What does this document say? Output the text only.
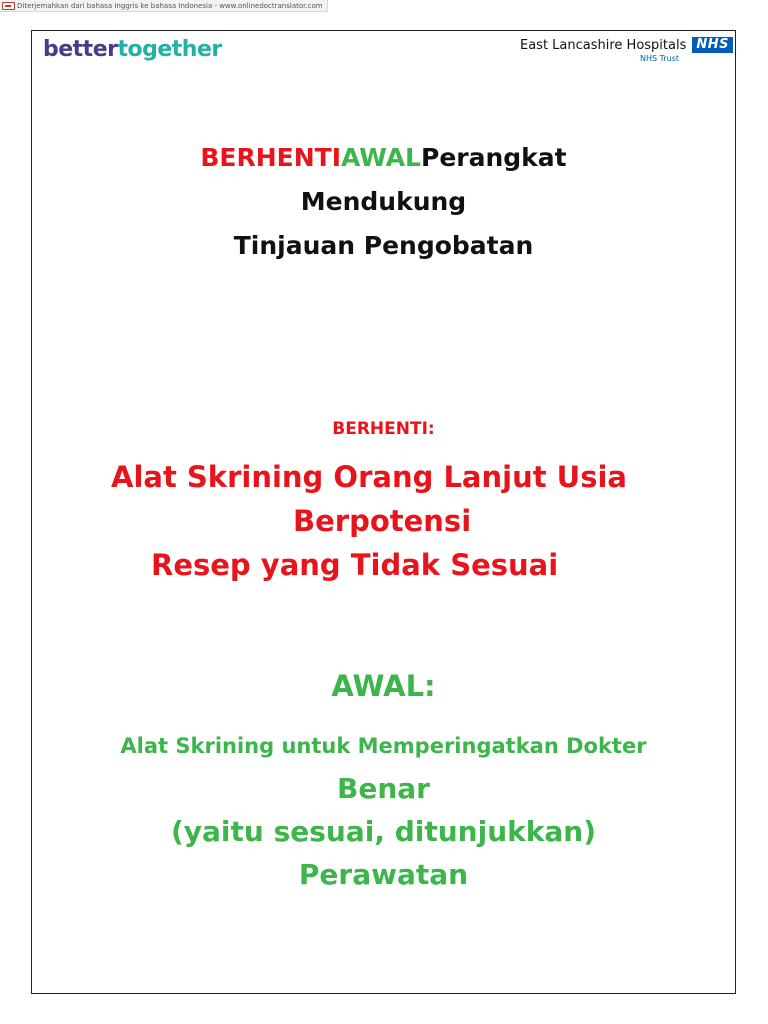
Diterjemahkan dari bahasa Inggris ke bahasa Indonesia - www.onlinedoctranslator.com
bettertogether	East Lancashire Hospitals NHS
NHS Trust
BERHENTIAWALPerangkat
Mendukung
Tinjauan Pengobatan
BERHENTI:
Alat Skrining Orang Lanjut Usia
Berpotensi
Resep yang Tidak Sesuai
AWAL:
Alat Skrining untuk Memperingatkan Dokter
Benar
(yaitu sesuai, ditunjukkan)
Perawatan
